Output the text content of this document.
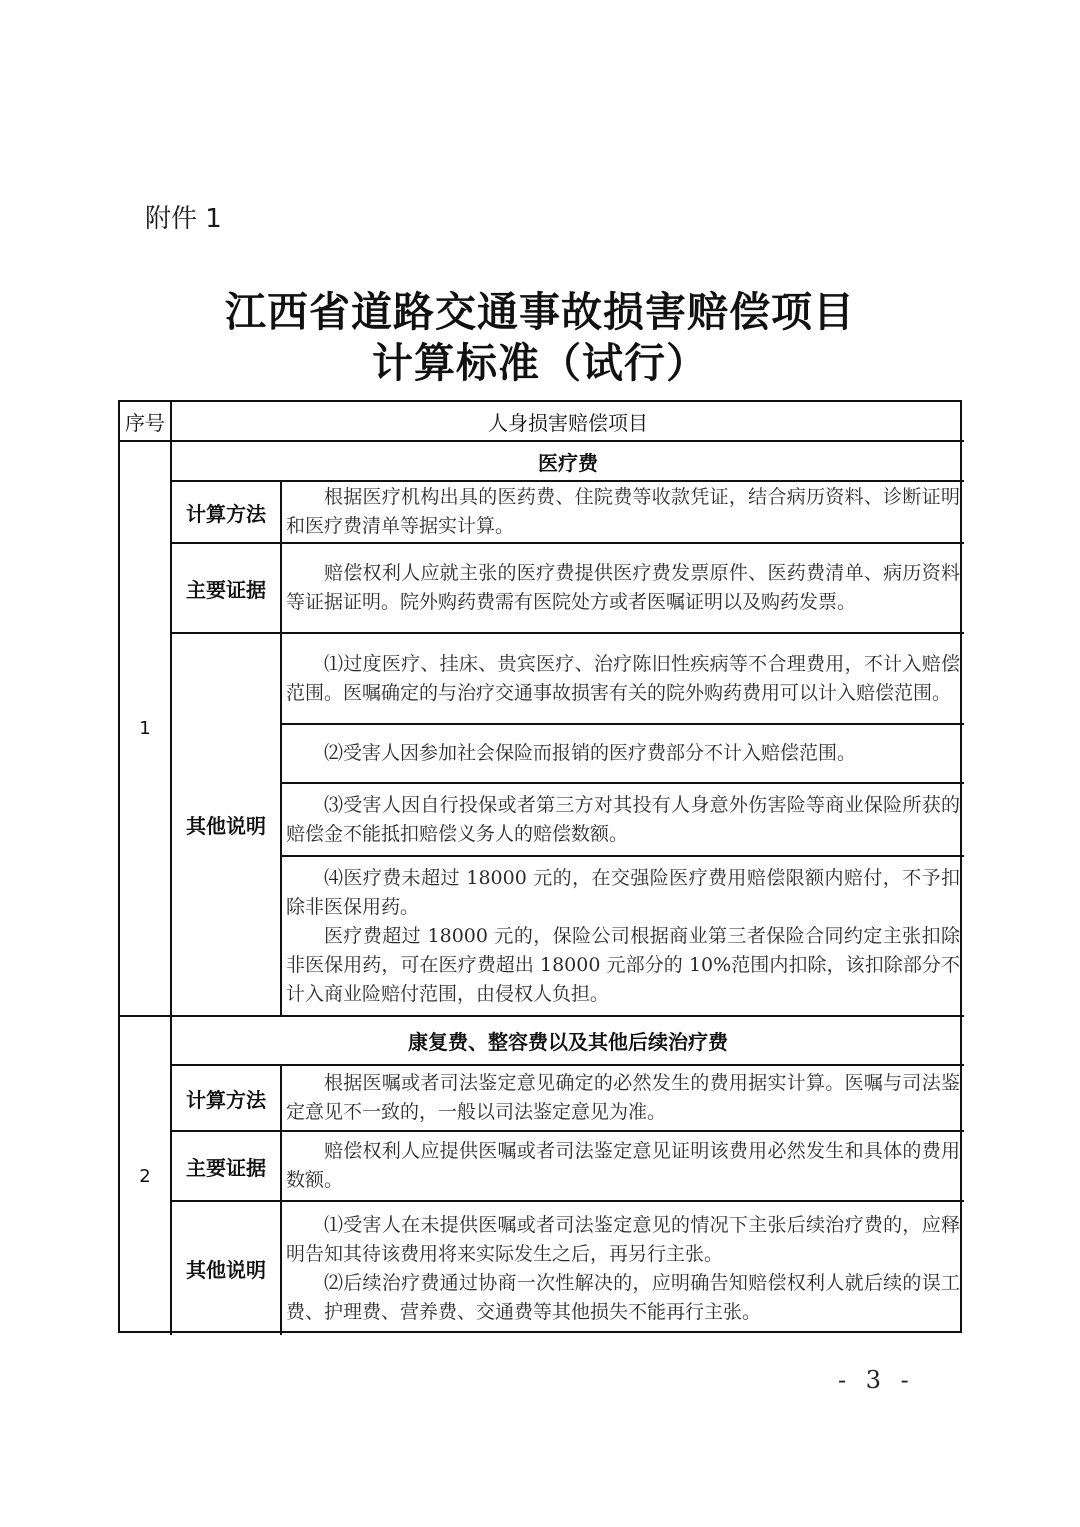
附件 1
江西省道路交通事故损害赔偿项目
计算标准（试行）
序号	人身损害赔偿项目
1
医疗费
计算方法

根据医疗机构出具的医药费、住院费等收款凭证，结合病历资料、诊断证明和医疗费清单等据实计算。

主要证据

赔偿权利人应就主张的医疗费提供医疗费发票原件、医药费清单、病历资料等证据证明。院外购药费需有医院处方或者医嘱证明以及购药发票。

其他说明

⑴过度医疗、挂床、贵宾医疗、治疗陈旧性疾病等不合理费用，不计入赔偿范围。医嘱确定的与治疗交通事故损害有关的院外购药费用可以计入赔偿范围。

⑵受害人因参加社会保险而报销的医疗费部分不计入赔偿范围。

⑶受害人因自行投保或者第三方对其投有人身意外伤害险等商业保险所获的赔偿金不能抵扣赔偿义务人的赔偿数额。

⑷医疗费未超过 18000 元的，在交强险医疗费用赔偿限额内赔付，不予扣除非医保用药。

医疗费超过 18000 元的，保险公司根据商业第三者保险合同约定主张扣除非医保用药，可在医疗费超出 18000 元部分的 10%范围内扣除，该扣除部分不计入商业险赔付范围，由侵权人负担。

2
康复费、整容费以及其他后续治疗费
计算方法

根据医嘱或者司法鉴定意见确定的必然发生的费用据实计算。医嘱与司法鉴定意见不一致的，一般以司法鉴定意见为准。

主要证据

赔偿权利人应提供医嘱或者司法鉴定意见证明该费用必然发生和具体的费用数额。

其他说明

⑴受害人在未提供医嘱或者司法鉴定意见的情况下主张后续治疗费的，应释明告知其待该费用将来实际发生之后，再另行主张。

⑵后续治疗费通过协商一次性解决的，应明确告知赔偿权利人就后续的误工费、护理费、营养费、交通费等其他损失不能再行主张。

- 3 -
